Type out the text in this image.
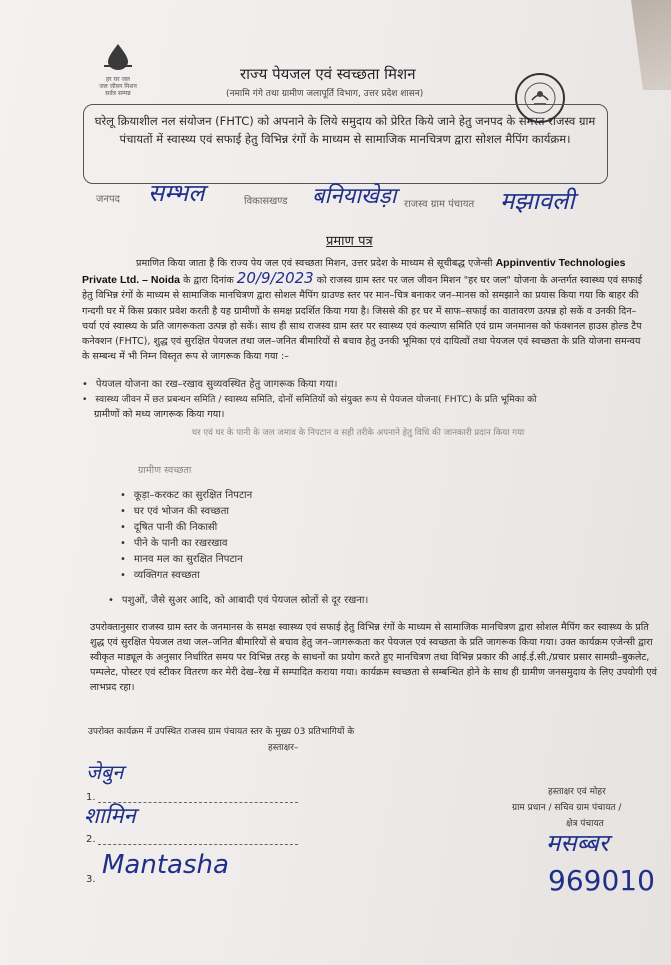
हर घर जल
जल जीवन मिशन
सर्वत्र सम्पन्न
राज्य पेयजल एवं स्वच्छता मिशन
(नमामि गंगे तथा ग्रामीण जलापूर्ति विभाग, उत्तर प्रदेश शासन)
घरेलू क्रियाशील नल संयोजन (FHTC) को अपनाने के लिये समुदाय को प्रेरित किये जाने हेतु जनपद के समस्त राजस्व ग्राम पंचायतों में स्वास्थ्य एवं सफाई हेतु विभिन्न रंगों के माध्यम से सामाजिक मानचित्रण द्वारा सोशल मैपिंग कार्यक्रम।
जनपद सम्भल	विकासखण्ड बनियाखेड़ा राजस्व ग्राम पंचायत मझावली
प्रमाण पत्र
प्रमाणित किया जाता है कि राज्य पेय जल एवं स्वच्छता मिशन, उत्तर प्रदेश के माध्यम से सूचीबद्ध एजेन्सी Appinventiv Technologies Private Ltd. – Noida के द्वारा दिनांक 20/9/2023 को राजस्व ग्राम स्तर पर जल जीवन मिशन "हर घर जल" योजना के अन्तर्गत स्वास्थ्य एवं सफाई हेतु विभिन्न रंगों के माध्यम से सामाजिक मानचित्रण द्वारा सोशल मैपिंग ग्राउण्ड स्तर पर मान–चित्र बनाकर जन–मानस को समझाने का प्रयास किया गया कि बाहर की गन्दगी घर में किस प्रकार प्रवेश करती है यह ग्रामीणों के समक्ष प्रदर्शित किया गया है। जिससे की हर घर में साफ–सफाई का वातावरण उत्पन्न हो सकें व उनकी दिन–चर्या एवं स्वास्थ्य के प्रति जागरूकता उत्पन्न हो सकें। साथ ही साथ राजस्व ग्राम स्तर पर स्वास्थ्य एवं कल्याण समिति एवं ग्राम जनमानस को फंक्शनल हाउस होल्ड टैप कनेक्शन (FHTC), शुद्ध एवं सुरक्षित पेयजल तथा जल–जनित बीमारियों से बचाव हेतु उनकी भूमिका एवं दायित्वों तथा पेयजल एवं स्वच्छता के प्रति योजना समन्वय के सम्बन्ध में भी निम्न विस्तृत रूप से जागरूक किया गया :–
• पेयजल योजना का रख–रखाव सुव्यवस्थित हेतु जागरूक किया गया।
• स्वास्थ्य जीवन में छत प्रबन्धन समिति / स्वास्थ्य समिति, दोनों समितियों को संयुक्त रूप से पेयजल योजना( FHTC) के प्रति भूमिका को
ग्रामीणों को मध्य जागरूक किया गया।
घर एवं घर के पानी के जल जमाव के निपटान व सही तरीके अपनाने हेतु विधि की जानकारी प्रदान किया गया
ग्रामीण स्वच्छता
• कूड़ा–करकट का सुरक्षित निपटान
• घर एवं भोजन की स्वच्छता
• दूषित पानी की निकासी
• पीने के पानी का रखरखाव
• मानव मल का सुरक्षित निपटान
• व्यक्तिगत स्वच्छता
• पशुओं, जैसे सुअर आदि, को आबादी एवं पेयजल स्रोतों से दूर रखना।
उपरोक्तानुसार राजस्व ग्राम स्तर के जनमानस के समक्ष स्वास्थ्य एवं सफाई हेतु विभिन्न रंगों के माध्यम से सामाजिक मानचित्रण द्वारा सोशल मैपिंग कर स्वास्थ्य के प्रति शुद्ध एवं सुरक्षित पेयजल तथा जल–जनित बीमारियों से बचाव हेतु जन–जागरूकता कर पेयजल एवं स्वच्छता के प्रति जागरूक किया गया। उक्त कार्यक्रम एजेन्सी द्वारा स्वीकृत माड्यूल के अनुसार निर्धारित समय पर विभिन्न तरह के साधनों का प्रयोग करते हुए मानचित्रण तथा विभिन्न प्रकार की आई.ई.सी./प्रचार प्रसार सामग्री–बुकलेट, पम्पलेट, पोस्टर एवं स्टीकर वितरण कर मेरी देख–रेख में सम्पादित कराया गया। कार्यक्रम स्वच्छता से सम्बन्धित होने के साथ ही ग्रामीण जनसमुदाय के लिए उपयोगी एवं लाभप्रद रहा।
उपरोक्त कार्यक्रम में उपस्थित राजस्व ग्राम पंचायत स्तर के मुख्य 03 प्रतिभागियों के
हस्ताक्षर–
जेबुन
1.
शामिन
2.
3. Mantasha
हस्ताक्षर एवं मोहर
ग्राम प्रधान / सचिव ग्राम पंचायत /
क्षेत्र पंचायत
मसब्बर
969010
